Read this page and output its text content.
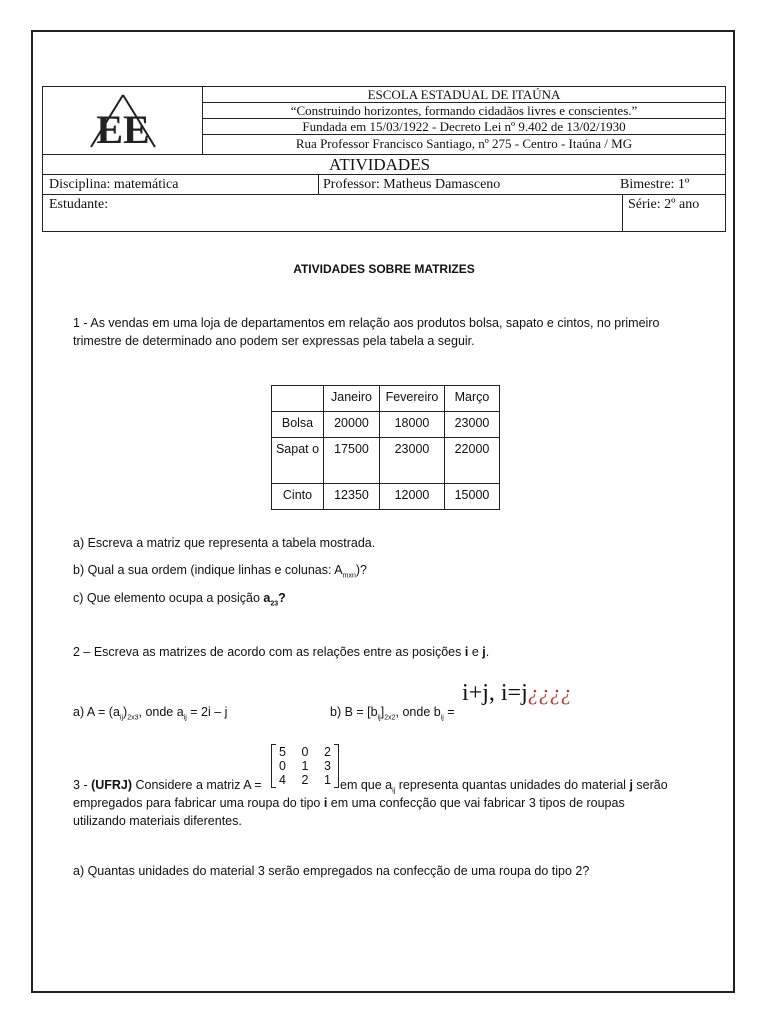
EE
ESCOLA ESTADUAL DE ITAÚNA
“Construindo horizontes, formando cidadãos livres e conscientes.”
Fundada em 15/03/1922 - Decreto Lei nº 9.402 de 13/02/1930
Rua Professor Francisco Santiago, nº 275 - Centro - Itaúna / MG
ATIVIDADES
Disciplina: matemática	Professor: Matheus Damasceno	Bimestre: 1º
Estudante:	Série: 2º ano
ATIVIDADES SOBRE MATRIZES
1 - As vendas em uma loja de departamentos em relação aos produtos bolsa, sapato e cintos, no primeiro trimestre de determinado ano podem ser expressas pela tabela a seguir.
	Janeiro	Fevereiro	Março
Bolsa	20000	18000	23000
Sapat o	17500	23000	22000
Cinto	12350	12000	15000
a) Escreva a matriz que representa a tabela mostrada.
b) Qual a sua ordem (indique linhas e colunas: $A_{mxn}$)?
c) Que elemento ocupa a posição $a_{23}$?
2 – Escreva as matrizes de acordo com as relações entre as posições i e j.
a) $A = (a_{ij})_{2x3}$, onde $a_{ij} = 2i - j$	b) $B = [b_{ij}]_{2x2}$, onde $b_{ij}$ =
i+j, i=j¿¿¿¿
5 0 2
0 1 3
4 2 1
3 - (UFRJ) Considere a matriz A =	em que $a_{ij}$ representa quantas unidades do material j serão
empregados para fabricar uma roupa do tipo i em uma confecção que vai fabricar 3 tipos de roupas
utilizando materiais diferentes.
a) Quantas unidades do material 3 serão empregados na confecção de uma roupa do tipo 2?
